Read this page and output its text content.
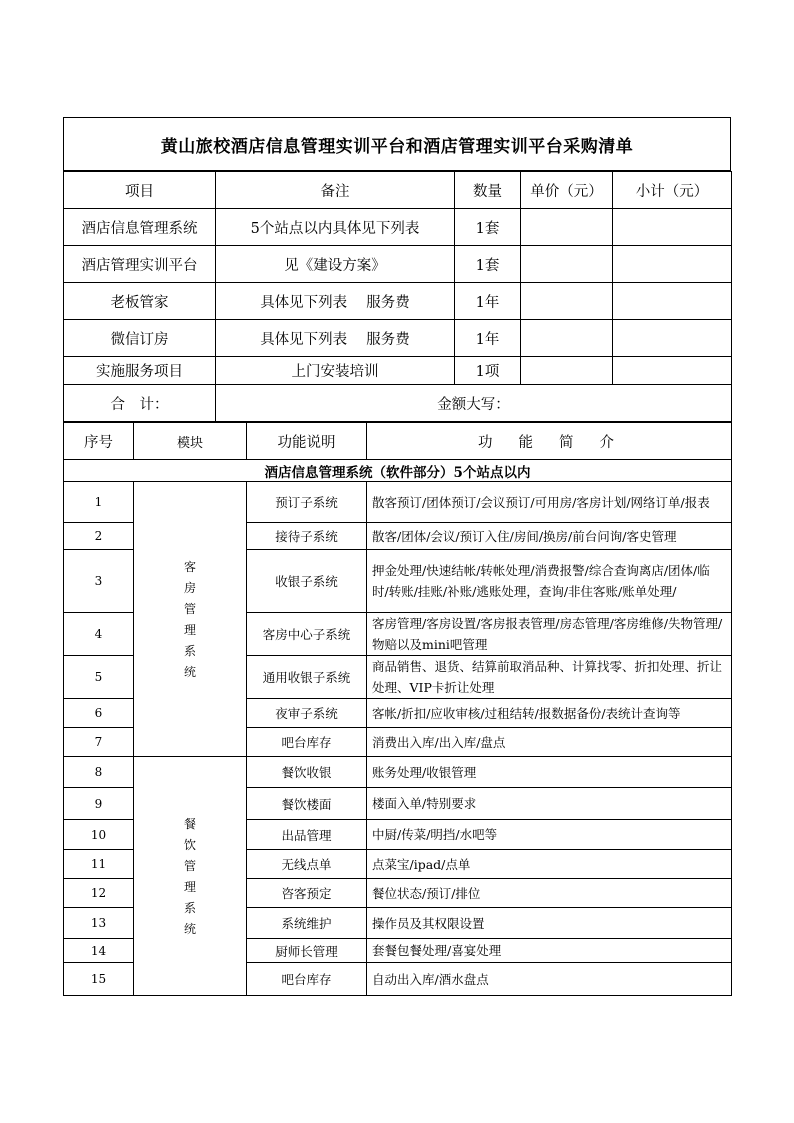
黄山旅校酒店信息管理实训平台和酒店管理实训平台采购清单
项目	备注	数量	单价（元）	小计（元）
酒店信息管理系统	5个站点以内具体见下列表	1套		
酒店管理实训平台	见《建设方案》	1套		
老板管家	具体见下列表　 服务费	1年		
微信订房	具体见下列表　 服务费	1年		
实施服务项目	上门安装培训	1项		
合　计：	金额大写：			
序号	模块	功能说明	功能简介
酒店信息管理系统（软件部分）5个站点以内			
1	客房管理系统	预订子系统	散客预订/团体预订/会议预订/可用房/客房计划/网络订单/报表
2		接待子系统	散客/团体/会议/预订入住/房间/换房/前台问询/客史管理
3		收银子系统	押金处理/快速结帐/转帐处理/消费报警/综合查询离店/团体/临时/转账/挂账/补账/逃账处理，查询/非住客账/账单处理/
4		客房中心子系统	客房管理/客房设置/客房报表管理/房态管理/客房维修/失物管理/物赔以及mini吧管理
5		通用收银子系统	商品销售、退货、结算前取消品种、计算找零、折扣处理、折让处理、VIP卡折让处理
6		夜审子系统	客帐/折扣/应收审核/过租结转/报数据备份/表统计查询等
7		吧台库存	消费出入库/出入库/盘点
8	餐饮管理系统	餐饮收银	账务处理/收银管理
9		餐饮楼面	楼面入单/特别要求
10		出品管理	中厨/传菜/明挡/水吧等
11		无线点单	点菜宝/ipad/点单
12		咨客预定	餐位状态/预订/排位
13		系统维护	操作员及其权限设置
14		厨师长管理	套餐包餐处理/喜宴处理
15		吧台库存	自动出入库/酒水盘点
